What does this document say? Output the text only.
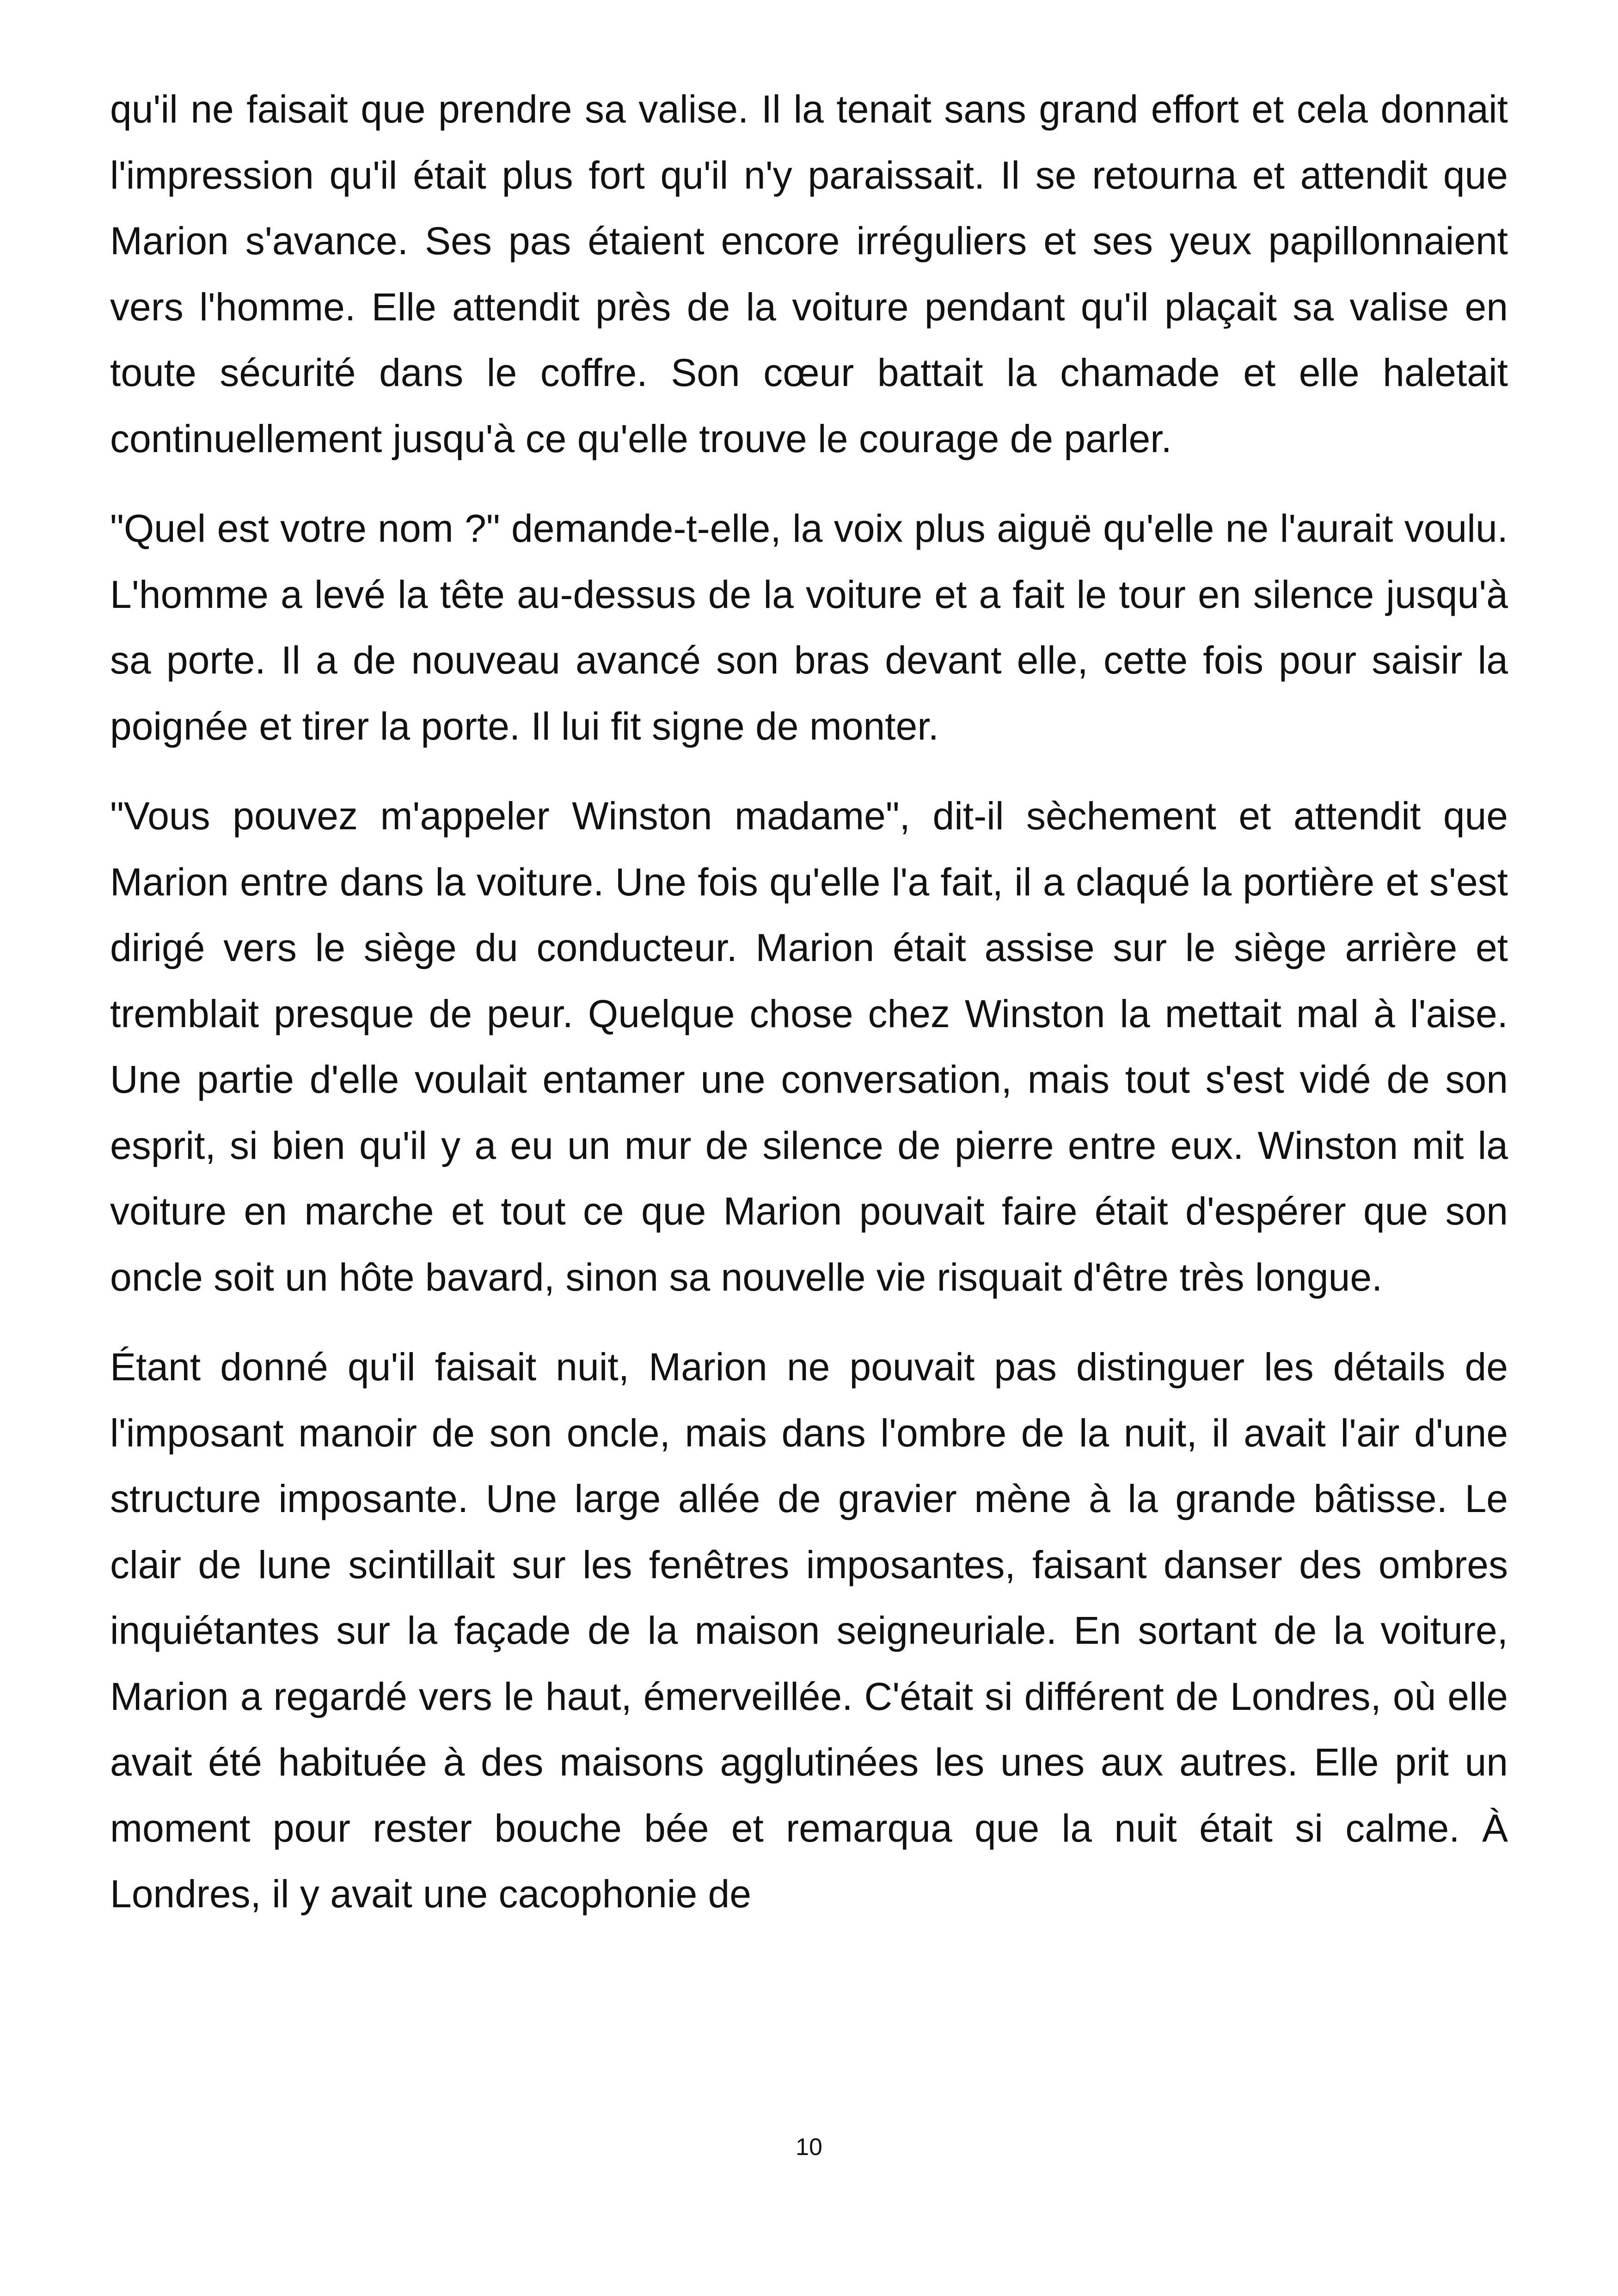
qu'il ne faisait que prendre sa valise. Il la tenait sans grand effort et cela donnait l'impression qu'il était plus fort qu'il n'y paraissait. Il se retourna et attendit que Marion s'avance. Ses pas étaient encore irréguliers et ses yeux papillonnaient vers l'homme. Elle attendit près de la voiture pendant qu'il plaçait sa valise en toute sécurité dans le coffre. Son cœur battait la chamade et elle haletait continuellement jusqu'à ce qu'elle trouve le courage de parler.

"Quel est votre nom ?" demande-t-elle, la voix plus aiguë qu'elle ne l'aurait voulu. L'homme a levé la tête au-dessus de la voiture et a fait le tour en silence jusqu'à sa porte. Il a de nouveau avancé son bras devant elle, cette fois pour saisir la poignée et tirer la porte. Il lui fit signe de monter.

"Vous pouvez m'appeler Winston madame", dit-il sèchement et attendit que Marion entre dans la voiture. Une fois qu'elle l'a fait, il a claqué la portière et s'est dirigé vers le siège du conducteur. Marion était assise sur le siège arrière et tremblait presque de peur. Quelque chose chez Winston la mettait mal à l'aise. Une partie d'elle voulait entamer une conversation, mais tout s'est vidé de son esprit, si bien qu'il y a eu un mur de silence de pierre entre eux. Winston mit la voiture en marche et tout ce que Marion pouvait faire était d'espérer que son oncle soit un hôte bavard, sinon sa nouvelle vie risquait d'être très longue.

Étant donné qu'il faisait nuit, Marion ne pouvait pas distinguer les détails de l'imposant manoir de son oncle, mais dans l'ombre de la nuit, il avait l'air d'une structure imposante. Une large allée de gravier mène à la grande bâtisse. Le clair de lune scintillait sur les fenêtres imposantes, faisant danser des ombres inquiétantes sur la façade de la maison seigneuriale. En sortant de la voiture, Marion a regardé vers le haut, émerveillée. C'était si différent de Londres, où elle avait été habituée à des maisons agglutinées les unes aux autres. Elle prit un moment pour rester bouche bée et remarqua que la nuit était si calme. À Londres, il y avait une cacophonie de

10
